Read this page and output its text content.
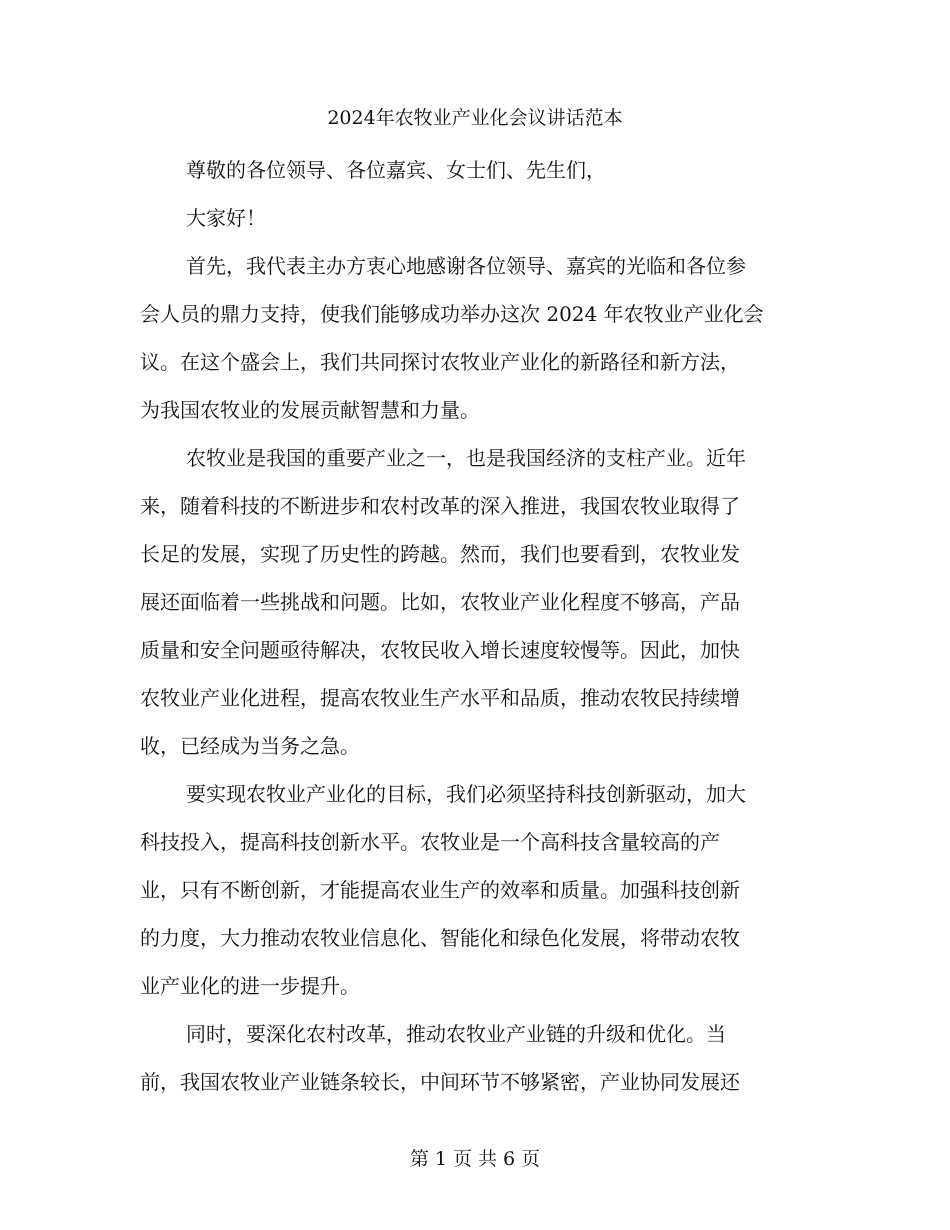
2024年农牧业产业化会议讲话范本
尊敬的各位领导、各位嘉宾、女士们、先生们，
大家好！
首先，我代表主办方衷心地感谢各位领导、嘉宾的光临和各位参
会人员的鼎力支持，使我们能够成功举办这次 2024 年农牧业产业化会
议。在这个盛会上，我们共同探讨农牧业产业化的新路径和新方法，
为我国农牧业的发展贡献智慧和力量。
农牧业是我国的重要产业之一，也是我国经济的支柱产业。近年
来，随着科技的不断进步和农村改革的深入推进，我国农牧业取得了
长足的发展，实现了历史性的跨越。然而，我们也要看到，农牧业发
展还面临着一些挑战和问题。比如，农牧业产业化程度不够高，产品
质量和安全问题亟待解决，农牧民收入增长速度较慢等。因此，加快
农牧业产业化进程，提高农牧业生产水平和品质，推动农牧民持续增
收，已经成为当务之急。
要实现农牧业产业化的目标，我们必须坚持科技创新驱动，加大
科技投入，提高科技创新水平。农牧业是一个高科技含量较高的产
业，只有不断创新，才能提高农业生产的效率和质量。加强科技创新
的力度，大力推动农牧业信息化、智能化和绿色化发展，将带动农牧
业产业化的进一步提升。
同时，要深化农村改革，推动农牧业产业链的升级和优化。当
前，我国农牧业产业链条较长，中间环节不够紧密，产业协同发展还
第 1 页 共 6 页
